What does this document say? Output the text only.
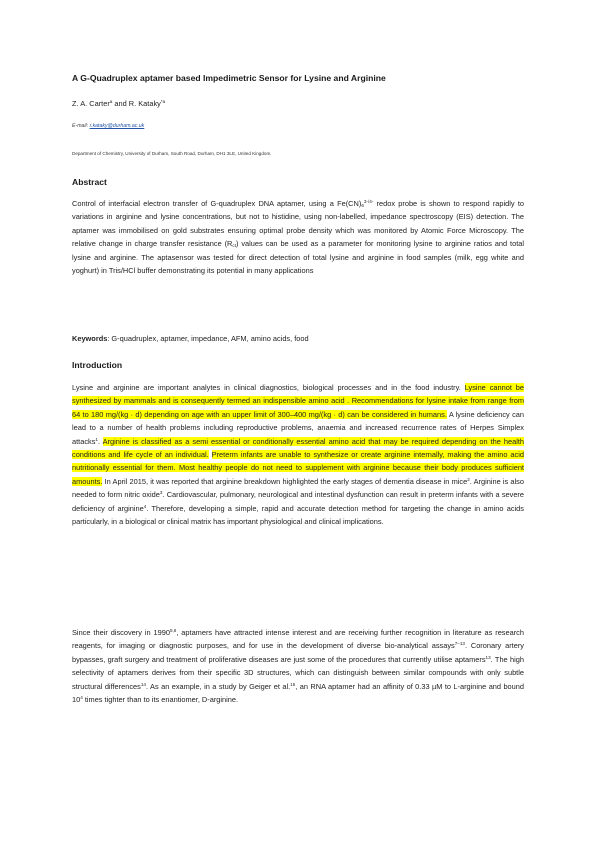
A G-Quadruplex aptamer based Impedimetric Sensor for Lysine and Arginine
Z. A. Carter$^a$ and R. Kataky$^{*a}$
E-mail: r.kataky@durham.ac.uk
Department of Chemistry, University of Durham, South Road, Durham, DH1 3LE, United Kingdom.
Abstract
Control of interfacial electron transfer of G-quadruplex DNA aptamer, using a $Fe(CN)_6^{3-/4-}$ redox probe is shown to respond rapidly to variations in arginine and lysine concentrations, but not to histidine, using non-labelled, impedance spectroscopy (EIS) detection. The aptamer was immobilised on gold substrates ensuring optimal probe density which was monitored by Atomic Force Microscopy. The relative change in charge transfer resistance $(R_{ct})$ values can be used as a parameter for monitoring lysine to arginine ratios and total lysine and arginine. The aptasensor was tested for direct detection of total lysine and arginine in food samples (milk, egg white and yoghurt) in Tris/HCl buffer demonstrating its potential in many applications
Keywords: G-quadruplex, aptamer, impedance, AFM, amino acids, food
Introduction
Lysine and arginine are important analytes in clinical diagnostics, biological processes and in the food industry. Lysine cannot be synthesized by mammals and is consequently termed an indispensible amino acid . Recommendations for lysine intake from range from 64 to 180 mg/(kg · d) depending on age with an upper limit of 300–400 mg/(kg · d) can be considered in humans. A lysine deficiency can lead to a number of health problems including reproductive problems, anaemia and increased recurrence rates of Herpes Simplex attacks$^1$. Arginine is classified as a semi essential or conditionally essential amino acid that may be required depending on the health conditions and life cycle of an individual. Preterm infants are unable to synthesize or create arginine internally, making the amino acid nutritionally essential for them. Most healthy people do not need to supplement with arginine because their body produces sufficient amounts. In April 2015, it was reported that arginine breakdown highlighted the early stages of dementia disease in mice$^2$. Arginine is also needed to form nitric oxide$^3$. Cardiovascular, pulmonary, neurological and intestinal dysfunction can result in preterm infants with a severe deficiency of arginine$^4$. Therefore, developing a simple, rapid and accurate detection method for targeting the change in amino acids particularly, in a biological or clinical matrix has important physiological and clinical implications.
Since their discovery in 1990$^{5,6}$, aptamers have attracted intense interest and are receiving further recognition in literature as research reagents, for imaging or diagnostic purposes, and for use in the development of diverse bio-analytical assays$^{7-13}$. Coronary artery bypasses, graft surgery and treatment of proliferative diseases are just some of the procedures that currently utilise aptamers$^{13}$. The high selectivity of aptamers derives from their specific 3D structures, which can distinguish between similar compounds with only subtle structural differences$^{14}$. As an example, in a study by Geiger et al.$^{15}$, an RNA aptamer had an affinity of 0.33 µM to L-arginine and bound $10^4$ times tighter than to its enantiomer, D-arginine.
